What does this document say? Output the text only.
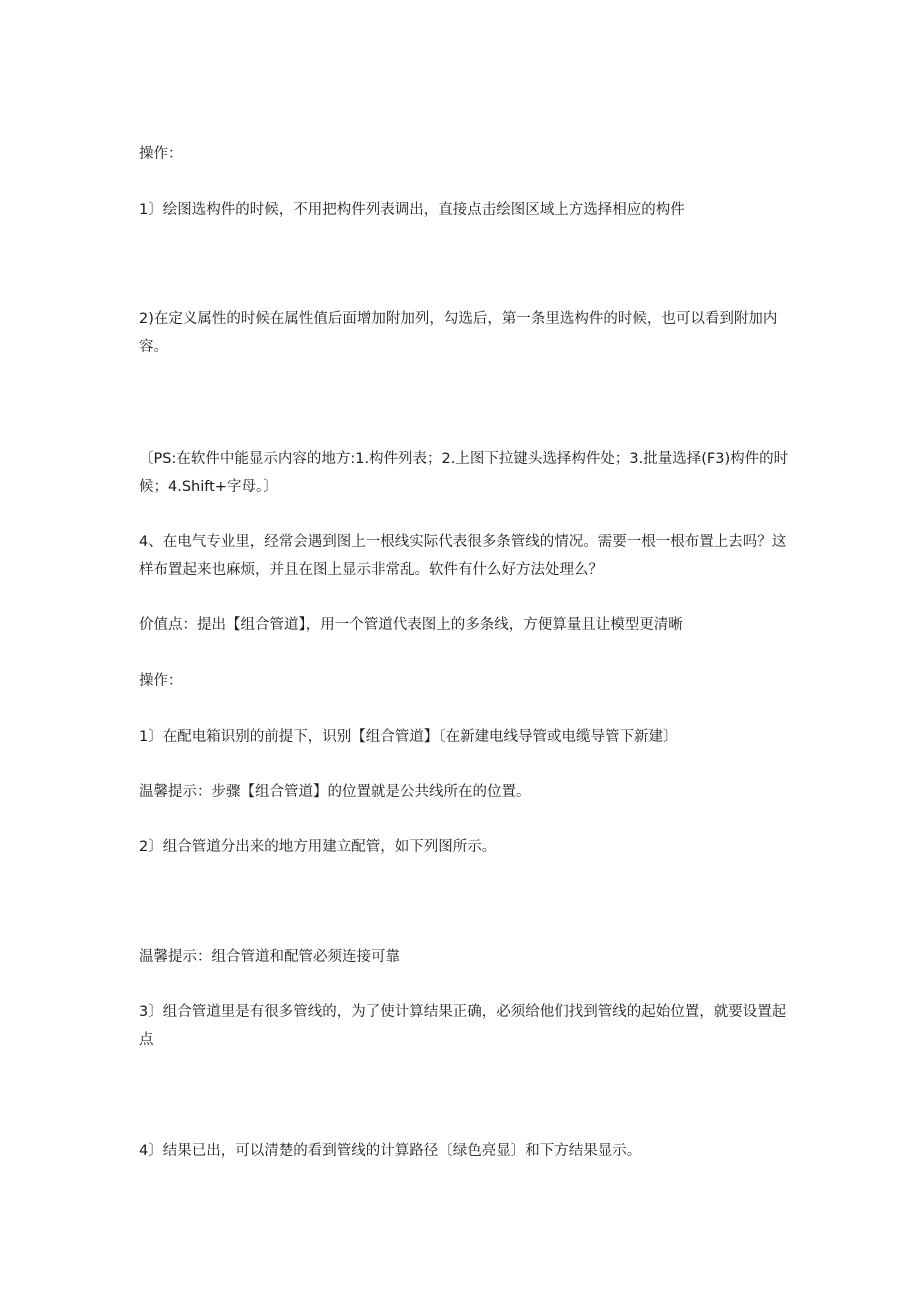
操作：

1〕绘图选构件的时候，不用把构件列表调出，直接点击绘图区域上方选择相应的构件

2)在定义属性的时候在属性值后面增加附加列，勾选后，第一条里选构件的时候，也可以看到附加内容。

〔PS:在软件中能显示内容的地方:1.构件列表；2.上图下拉键头选择构件处；3.批量选择(F3)构件的时候；4.Shift+字母。〕

4、在电气专业里，经常会遇到图上一根线实际代表很多条管线的情况。需要一根一根布置上去吗？这样布置起来也麻烦，并且在图上显示非常乱。软件有什么好方法处理么？

价值点：提出【组合管道】，用一个管道代表图上的多条线，方便算量且让模型更清晰

操作：

1〕在配电箱识别的前提下，识别【组合管道】〔在新建电线导管或电缆导管下新建〕

温馨提示：步骤【组合管道】的位置就是公共线所在的位置。

2〕组合管道分出来的地方用建立配管，如下列图所示。

温馨提示：组合管道和配管必须连接可靠

3〕组合管道里是有很多管线的，为了使计算结果正确，必须给他们找到管线的起始位置，就要设置起点

4〕结果已出，可以清楚的看到管线的计算路径〔绿色亮显〕和下方结果显示。
